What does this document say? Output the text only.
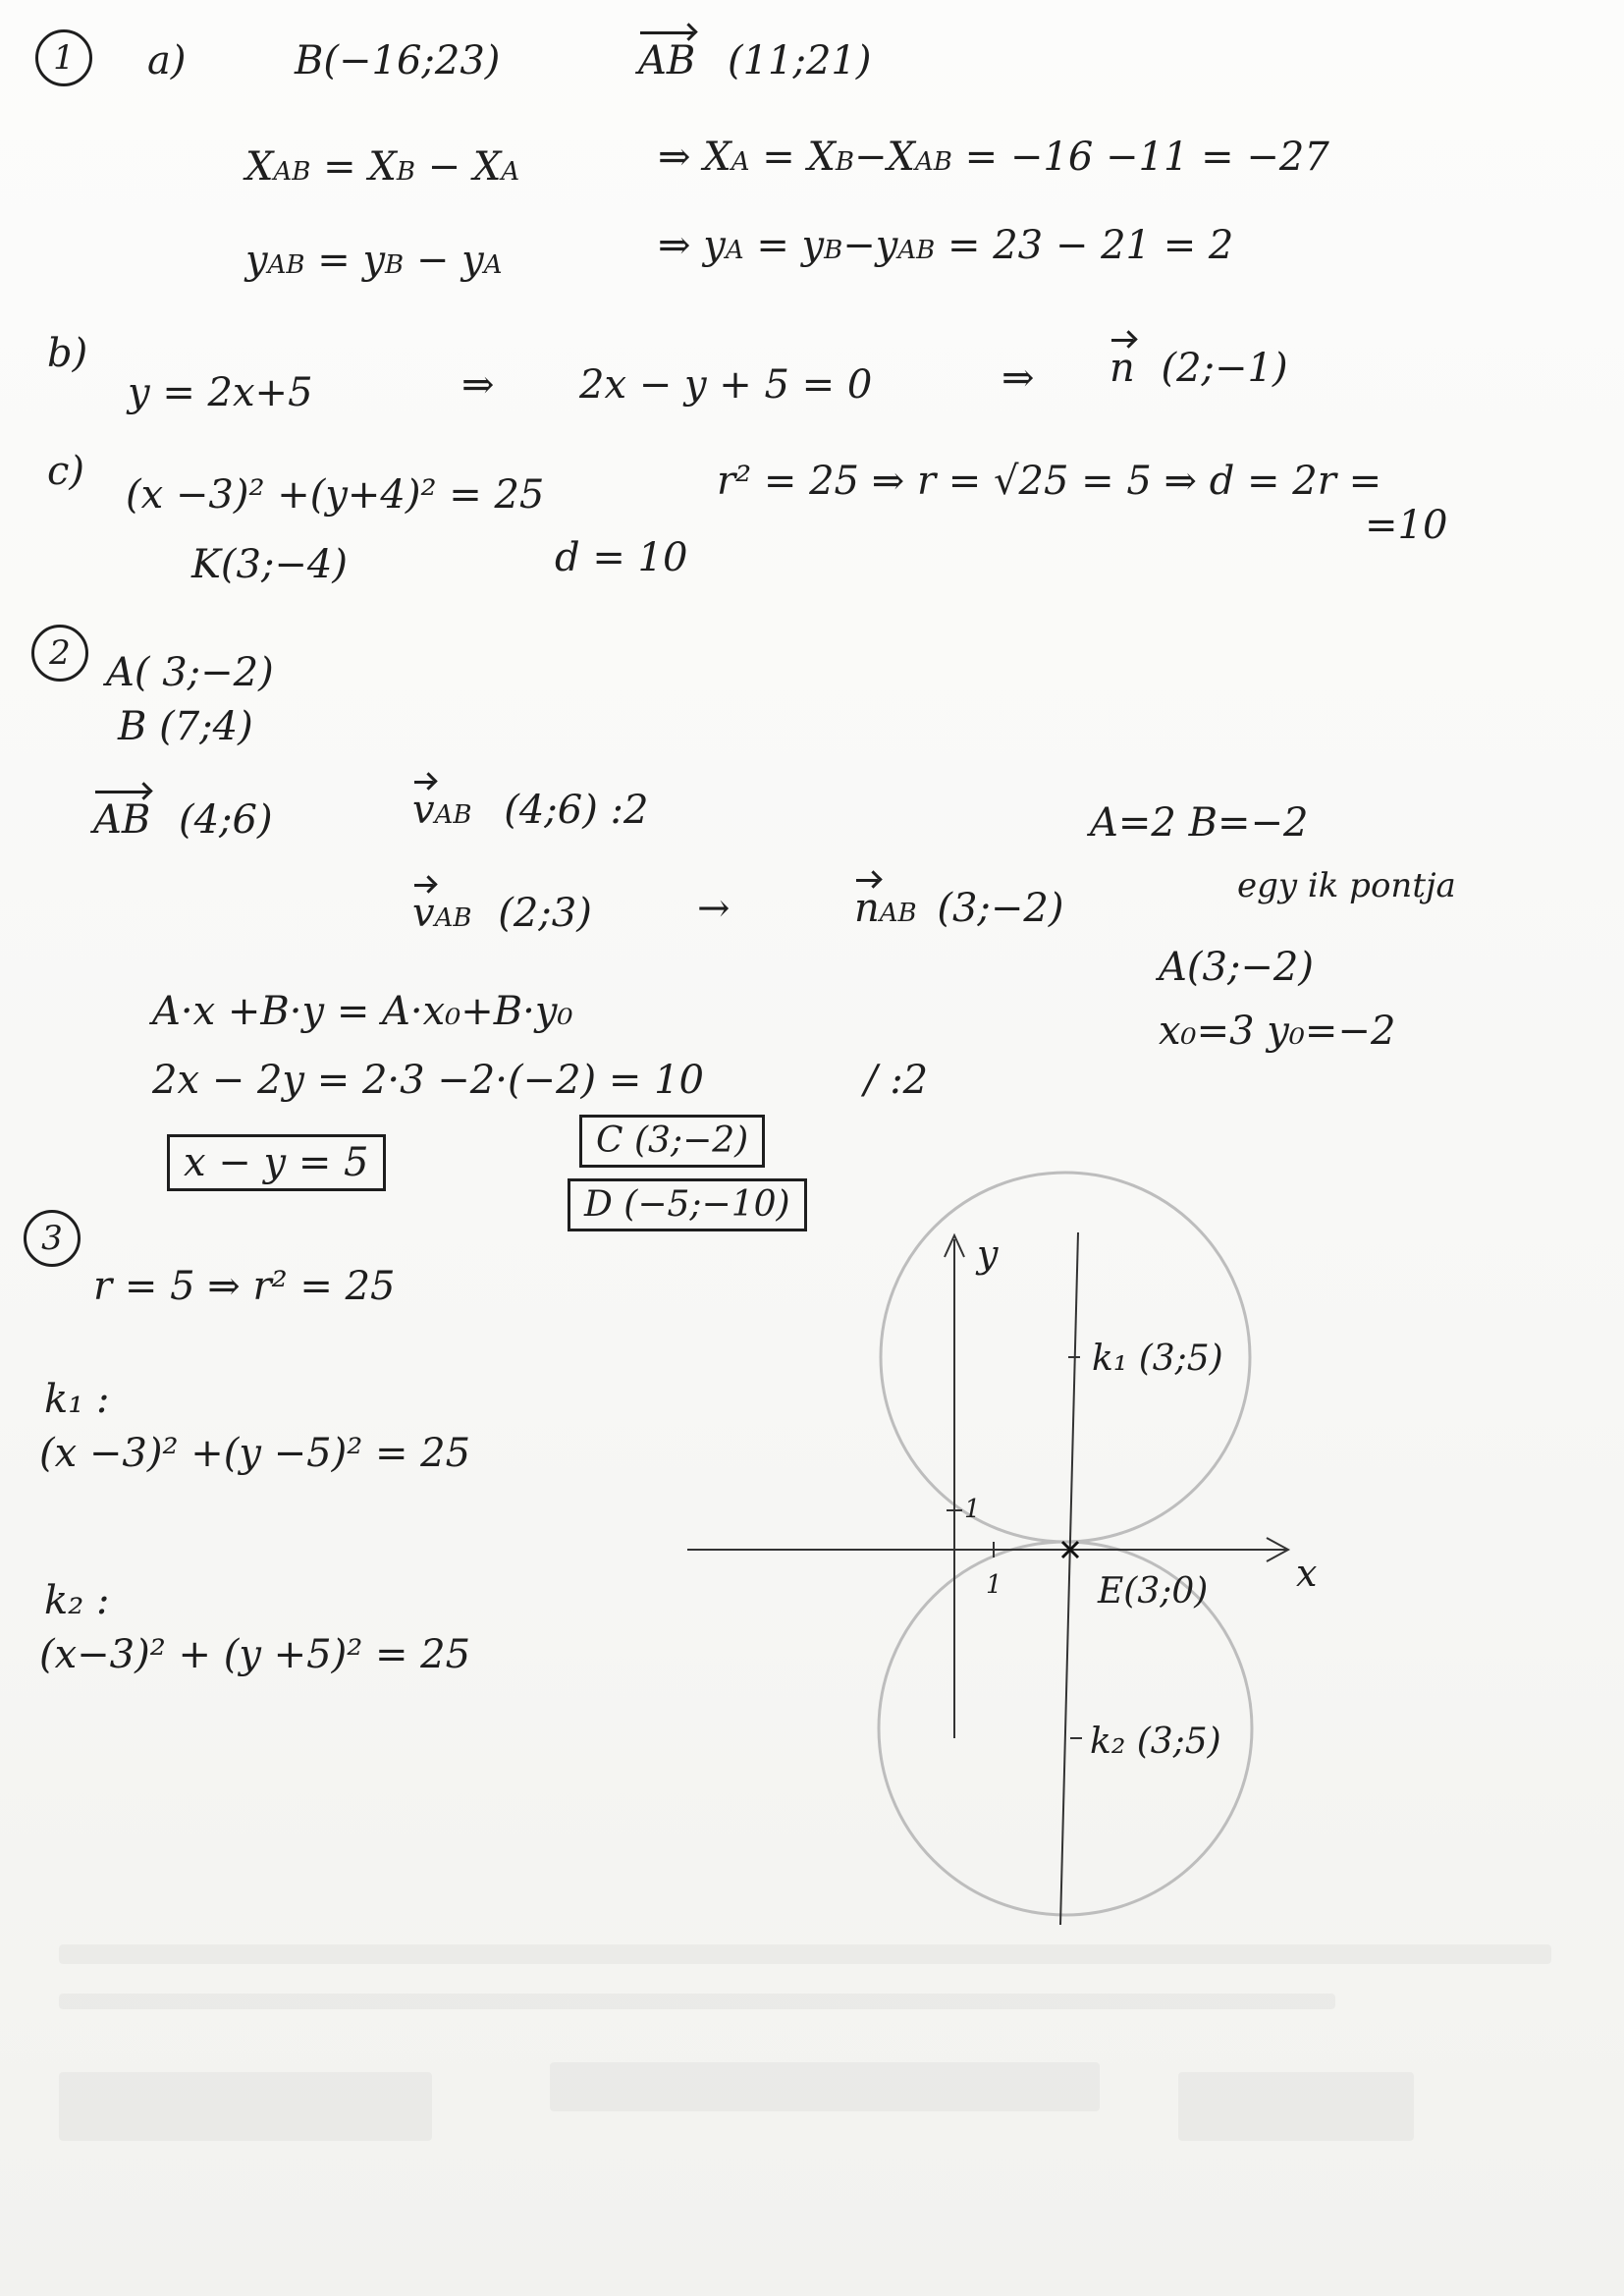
1	a)	B(−16;23)	AB (11;21)
XAB = XB − XA	⇒ XA = XB−XAB = −16 −11 = −27
yAB = yB − yA	⇒ yA = yB−yAB = 23 − 21 = 2
b)
y = 2x+5	⇒ 2x − y + 5 = 0	⇒ n (2;−1)
c)
(x −3)² +(y+4)² = 25	r² = 25 ⇒ r = √25 = 5 ⇒ d = 2r =
=10
K(3;−4)	d = 10
2 A( 3;−2)
B (7;4)
AB (4;6)	vAB (4;6) :2	A=2 B=−2
vAB (2;3)	→	nAB (3;−2)	egy ik pontja
A(3;−2)
x₀=3 y₀=−2
A·x +B·y = A·x₀+B·y₀
2x − 2y = 2·3 −2·(−2) = 10	/ :2
x − y = 5	C (3;−2)
D (−5;−10)
3
r = 5 ⇒ r² = 25
k₁ :
(x −3)² +(y −5)² = 25
k₂ :
(x−3)² + (y +5)² = 25
y
x
1
1
k₁ (3;5)
E(3;0)
k₂ (3;5)
